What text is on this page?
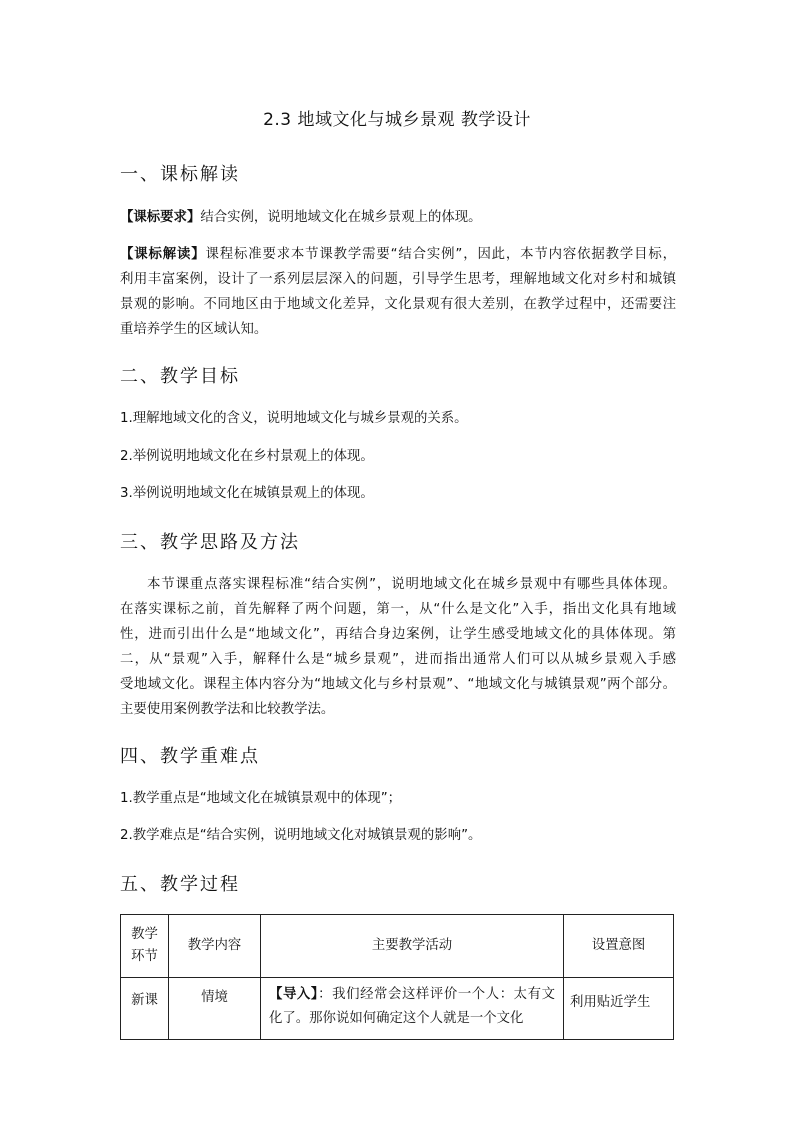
2.3 地域文化与城乡景观 教学设计
一、课标解读
【课标要求】结合实例，说明地域文化在城乡景观上的体现。
【课标解读】课程标准要求本节课教学需要“结合实例”，因此，本节内容依据教学目标，
利用丰富案例，设计了一系列层层深入的问题，引导学生思考，理解地域文化对乡村和城镇
景观的影响。不同地区由于地域文化差异，文化景观有很大差别，在教学过程中，还需要注
重培养学生的区域认知。
二、教学目标
1.理解地域文化的含义，说明地域文化与城乡景观的关系。
2.举例说明地域文化在乡村景观上的体现。
3.举例说明地域文化在城镇景观上的体现。
三、教学思路及方法
本节课重点落实课程标准“结合实例”，说明地域文化在城乡景观中有哪些具体体现。
在落实课标之前，首先解释了两个问题，第一，从“什么是文化”入手，指出文化具有地域
性，进而引出什么是“地域文化”，再结合身边案例，让学生感受地域文化的具体体现。第
二，从“景观”入手，解释什么是“城乡景观”，进而指出通常人们可以从城乡景观入手感
受地域文化。课程主体内容分为“地域文化与乡村景观”、“地域文化与城镇景观”两个部分。
主要使用案例教学法和比较教学法。
四、教学重难点
1.教学重点是“地域文化在城镇景观中的体现”；
2.教学难点是“结合实例，说明地域文化对城镇景观的影响”。
五、教学过程
教学
环节	教学内容	主要教学活动	设置意图
新课	情境	【导入】：我们经常会这样评价一个人：太有文化了。那你说如何确定这个人就是一个文化	利用贴近学生
